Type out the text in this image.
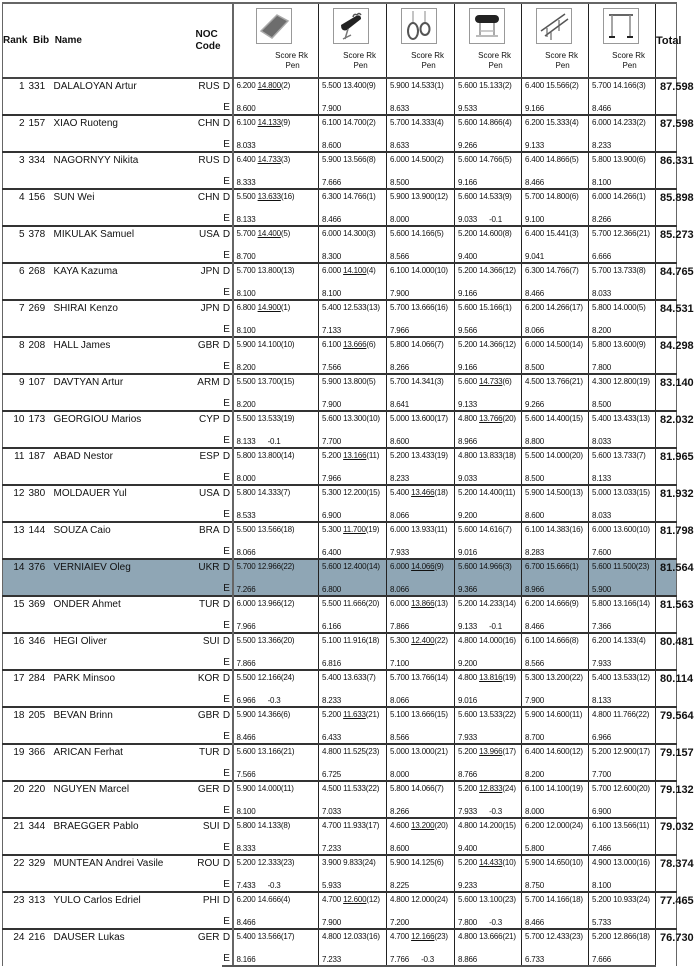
Rank Bib Name			NOC
Code		Score Rk
Pen	Score Rk
Pen	Score Rk
Pen	Score Rk
Pen	Score Rk
Pen	Score Rk
Pen	Total
1	331	DALALOYAN Artur	RUS	D	6.200 14.800(2)	5.500 13.400(9)	5.900 14.533(1)	5.600 15.133(2)	6.400 15.566(2)	5.700 14.166(3)	87.598
				E	8.600	7.900	8.633	9.533	9.166	8.466	
2	157	XIAO Ruoteng	CHN	D	6.100 14.133(9)	6.100 14.700(2)	5.700 14.333(4)	5.600 14.866(4)	6.200 15.333(4)	6.000 14.233(2)	87.598
				E	8.033	8.600	8.633	9.266	9.133	8.233	
3	334	NAGORNYY Nikita	RUS	D	6.400 14.733(3)	5.900 13.566(8)	6.000 14.500(2)	5.600 14.766(5)	6.400 14.866(5)	5.800 13.900(6)	86.331
				E	8.333	7.666	8.500	9.166	8.466	8.100	
4	156	SUN Wei	CHN	D	5.500 13.633(16)	6.300 14.766(1)	5.900 13.900(12)	5.600 14.533(9)	5.700 14.800(6)	6.000 14.266(1)	85.898
				E	8.133	8.466	8.000	9.033 -0.1	9.100	8.266	
5	378	MIKULAK Samuel	USA	D	5.700 14.400(5)	6.000 14.300(3)	5.600 14.166(5)	5.200 14.600(8)	6.400 15.441(3)	5.700 12.366(21)	85.273
				E	8.700	8.300	8.566	9.400	9.041	6.666	
6	268	KAYA Kazuma	JPN	D	5.700 13.800(13)	6.000 14.100(4)	6.100 14.000(10)	5.200 14.366(12)	6.300 14.766(7)	5.700 13.733(8)	84.765
				E	8.100	8.100	7.900	9.166	8.466	8.033	
7	269	SHIRAI Kenzo	JPN	D	6.800 14.900(1)	5.400 12.533(13)	5.700 13.666(16)	5.600 15.166(1)	6.200 14.266(17)	5.800 14.000(5)	84.531
				E	8.100	7.133	7.966	9.566	8.066	8.200	
8	208	HALL James	GBR	D	5.900 14.100(10)	6.100 13.666(6)	5.800 14.066(7)	5.200 14.366(12)	6.000 14.500(14)	5.800 13.600(9)	84.298
				E	8.200	7.566	8.266	9.166	8.500	7.800	
9	107	DAVTYAN Artur	ARM	D	5.500 13.700(15)	5.900 13.800(5)	5.700 14.341(3)	5.600 14.733(6)	4.500 13.766(21)	4.300 12.800(19)	83.140
				E	8.200	7.900	8.641	9.133	9.266	8.500	
10	173	GEORGIOU Marios	CYP	D	5.500 13.533(19)	5.600 13.300(10)	5.000 13.600(17)	4.800 13.766(20)	5.600 14.400(15)	5.400 13.433(13)	82.032
				E	8.133 -0.1	7.700	8.600	8.966	8.800	8.033	
11	187	ABAD Nestor	ESP	D	5.800 13.800(14)	5.200 13.166(11)	5.200 13.433(19)	4.800 13.833(18)	5.500 14.000(20)	5.600 13.733(7)	81.965
				E	8.000	7.966	8.233	9.033	8.500	8.133	
12	380	MOLDAUER Yul	USA	D	5.800 14.333(7)	5.300 12.200(15)	5.400 13.466(18)	5.200 14.400(11)	5.900 14.500(13)	5.000 13.033(15)	81.932
				E	8.533	6.900	8.066	9.200	8.600	8.033	
13	144	SOUZA Caio	BRA	D	5.500 13.566(18)	5.300 11.700(19)	6.000 13.933(11)	5.600 14.616(7)	6.100 14.383(16)	6.000 13.600(10)	81.798
				E	8.066	6.400	7.933	9.016	8.283	7.600	
14	376	VERNIAIEV Oleg	UKR	D	5.700 12.966(22)	5.600 12.400(14)	6.000 14.066(9)	5.600 14.966(3)	6.700 15.666(1)	5.600 11.500(23)	81.564
				E	7.266	6.800	8.066	9.366	8.966	5.900	
15	369	ONDER Ahmet	TUR	D	6.000 13.966(12)	5.500 11.666(20)	6.000 13.866(13)	5.200 14.233(14)	6.200 14.666(9)	5.800 13.166(14)	81.563
				E	7.966	6.166	7.866	9.133 -0.1	8.466	7.366	
16	346	HEGI Oliver	SUI	D	5.500 13.366(20)	5.100 11.916(18)	5.300 12.400(22)	4.800 14.000(16)	6.100 14.666(8)	6.200 14.133(4)	80.481
				E	7.866	6.816	7.100	9.200	8.566	7.933	
17	284	PARK Minsoo	KOR	D	5.500 12.166(24)	5.400 13.633(7)	5.700 13.766(14)	4.800 13.816(19)	5.300 13.200(22)	5.400 13.533(12)	80.114
				E	6.966 -0.3	8.233	8.066	9.016	7.900	8.133	
18	205	BEVAN Brinn	GBR	D	5.900 14.366(6)	5.200 11.633(21)	5.100 13.666(15)	5.600 13.533(22)	5.900 14.600(11)	4.800 11.766(22)	79.564
				E	8.466	6.433	8.566	7.933	8.700	6.966	
19	366	ARICAN Ferhat	TUR	D	5.600 13.166(21)	4.800 11.525(23)	5.000 13.000(21)	5.200 13.966(17)	6.400 14.600(12)	5.200 12.900(17)	79.157
				E	7.566	6.725	8.000	8.766	8.200	7.700	
20	220	NGUYEN Marcel	GER	D	5.900 14.000(11)	4.500 11.533(22)	5.800 14.066(7)	5.200 12.833(24)	6.100 14.100(19)	5.700 12.600(20)	79.132
				E	8.100	7.033	8.266	7.933 -0.3	8.000	6.900	
21	344	BRAEGGER Pablo	SUI	D	5.800 14.133(8)	4.700 11.933(17)	4.600 13.200(20)	4.800 14.200(15)	6.200 12.000(24)	6.100 13.566(11)	79.032
				E	8.333	7.233	8.600	9.400	5.800	7.466	
22	329	MUNTEAN Andrei Vasile	ROU	D	5.200 12.333(23)	3.900 9.833(24)	5.900 14.125(6)	5.200 14.433(10)	5.900 14.650(10)	4.900 13.000(16)	78.374
				E	7.433 -0.3	5.933	8.225	9.233	8.750	8.100	
23	313	YULO Carlos Edriel	PHI	D	6.200 14.666(4)	4.700 12.600(12)	4.800 12.000(24)	5.600 13.100(23)	5.700 14.166(18)	5.200 10.933(24)	77.465
				E	8.466	7.900	7.200	7.800 -0.3	8.466	5.733	
24	216	DAUSER Lukas	GER	D	5.400 13.566(17)	4.800 12.033(16)	4.700 12.166(23)	4.800 13.666(21)	5.700 12.433(23)	5.200 12.866(18)	76.730
				E	8.166	7.233	7.766 -0.3	8.866	6.733	7.666	
